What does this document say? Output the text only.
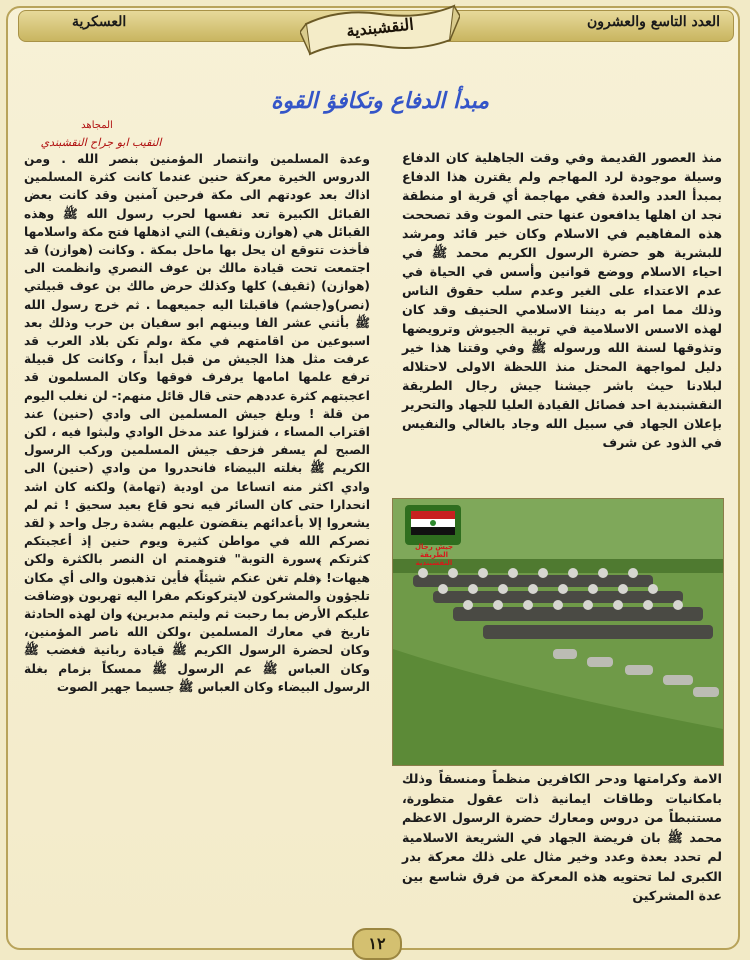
العدد التاسع والعشرون
العسكرية	النقشبندية
مبدأ الدفاع وتكافؤ القوة
المجاهد
النقيب ابو جراح النقشبندي

منذ العصور القديمة وفي وقت الجاهلية كان الدفاع وسيلة موجودة لرد المهاجم ولم يقترن هذا الدفاع بمبدأ العدد والعدة ففي مهاجمة أي قرية او منطقة نجد ان اهلها يدافعون عنها حتى الموت وقد تصححت هذه المفاهيم في الاسلام وكان خير قائد ومرشد للبشرية هو حضرة الرسول الكريم محمد ﷺ في احياء الاسلام ووضع قوانين وأسس في الحياة في عدم الاعتداء على الغير وعدم سلب حقوق الناس وذلك مما امر به ديننا الاسلامي الحنيف وقد كان لهذه الاسس الاسلامية في تربية الجيوش وترويضها وتذوقها لسنة الله ورسوله ﷺ وفي وقتنا هذا خير دليل لمواجهة المحتل منذ اللحظة الاولى لاحتلاله لبلادنا حيث باشر جيشنا جيش رجال الطريقة النقشبندية احد فصائل القيادة العليا للجهاد والتحرير بإعلان الجهاد في سبيل الله وجاد بالغالي والنفيس في الذود عن شرف

وعدة المسلمين وانتصار المؤمنين بنصر الله . ومن الدروس الخيرة معركة حنين عندما كانت كثرة المسلمين اذاك بعد عودتهم الى مكة فرحين آمنين وقد كانت بعض القبائل الكبيرة تعد نفسها لحرب رسول الله ﷺ وهذه القبائل هي (هوازن وثقيف) التي اذهلها فتح مكة واسلامها فأخذت تتوقع ان يحل بها ماحل بمكة . وكانت (هوازن) قد اجتمعت تحت قيادة مالك بن عوف النصري وانظمت الى (هوازن) (ثقيف) كلها وكذلك حرض مالك بن عوف قبيلتي (نصر)و(جشم) فاقبلتا اليه جميعهما . ثم خرج رسول الله ﷺ بأثني عشر الفا وبينهم ابو سفيان بن حرب وذلك بعد اسبوعين من اقامتهم في مكة ،ولم تكن بلاد العرب قد عرفت مثل هذا الجيش من قبل ابداً ، وكانت كل قبيلة ترفع علمها امامها يرفرف فوقها وكان المسلمون قد اعجبتهم كثرة عددهم حتى قال قائل منهم:- لن نغلب اليوم من قلة ! وبلغ جيش المسلمين الى وادي (حنين) عند اقتراب المساء ، فنزلوا عند مدخل الوادي ولبثوا فيه ، لكن الصبح لم يسفر فزحف جيش المسلمين وركب الرسول الكريم ﷺ بغلته البيضاء فانحدروا من وادي (حنين) الى وادي اكثر منه اتساعا من اودية (تهامة) ولكنه كان اشد انحدارا حتى كان السائر فيه نحو قاع بعيد سحيق ! ثم لم يشعروا إلا بأعدائهم ينقضون عليهم بشدة رجل واحد ﴿ لقد نصركم الله في مواطن كثيرة ويوم حنين إذ أعجبتكم كثرتكم ﴾سورة التوبة" فتوهمتم ان النصر بالكثرة ولكن هيهات! ﴿فلم تغن عنكم شيئاً﴾ فأين تذهبون والى أي مكان تلجؤون والمشركون لايتركونكم مفرا اليه تهربون ﴿وضاقت عليكم الأرض بما رحبت ثم وليتم مدبرين﴾ وان لهذه الحادثة تاريخ في معارك المسلمين ،ولكن الله ناصر المؤمنين، وكان لحضرة الرسول الكريم ﷺ قيادة ربانية فغضب ﷺ وكان العباس ﷺ عم الرسول ﷺ ممسكاً بزمام بغلة الرسول البيضاء وكان العباس ﷺ جسيما جهير الصوت

جيش رجال الطريقة النقشبندية

الامة وكرامتها ودحر الكافرين منظماً ومنسقاً وذلك بامكانيات وطاقات ايمانية ذات عقول متطورة، مستنبطاً من دروس ومعارك حضرة الرسول الاعظم محمد ﷺ بان فريضة الجهاد في الشريعة الاسلامية لم تحدد بعدة وعدد وخير مثال على ذلك معركة بدر الكبرى لما تحتويه هذه المعركة من فرق شاسع بين عدة المشركين

١٢
